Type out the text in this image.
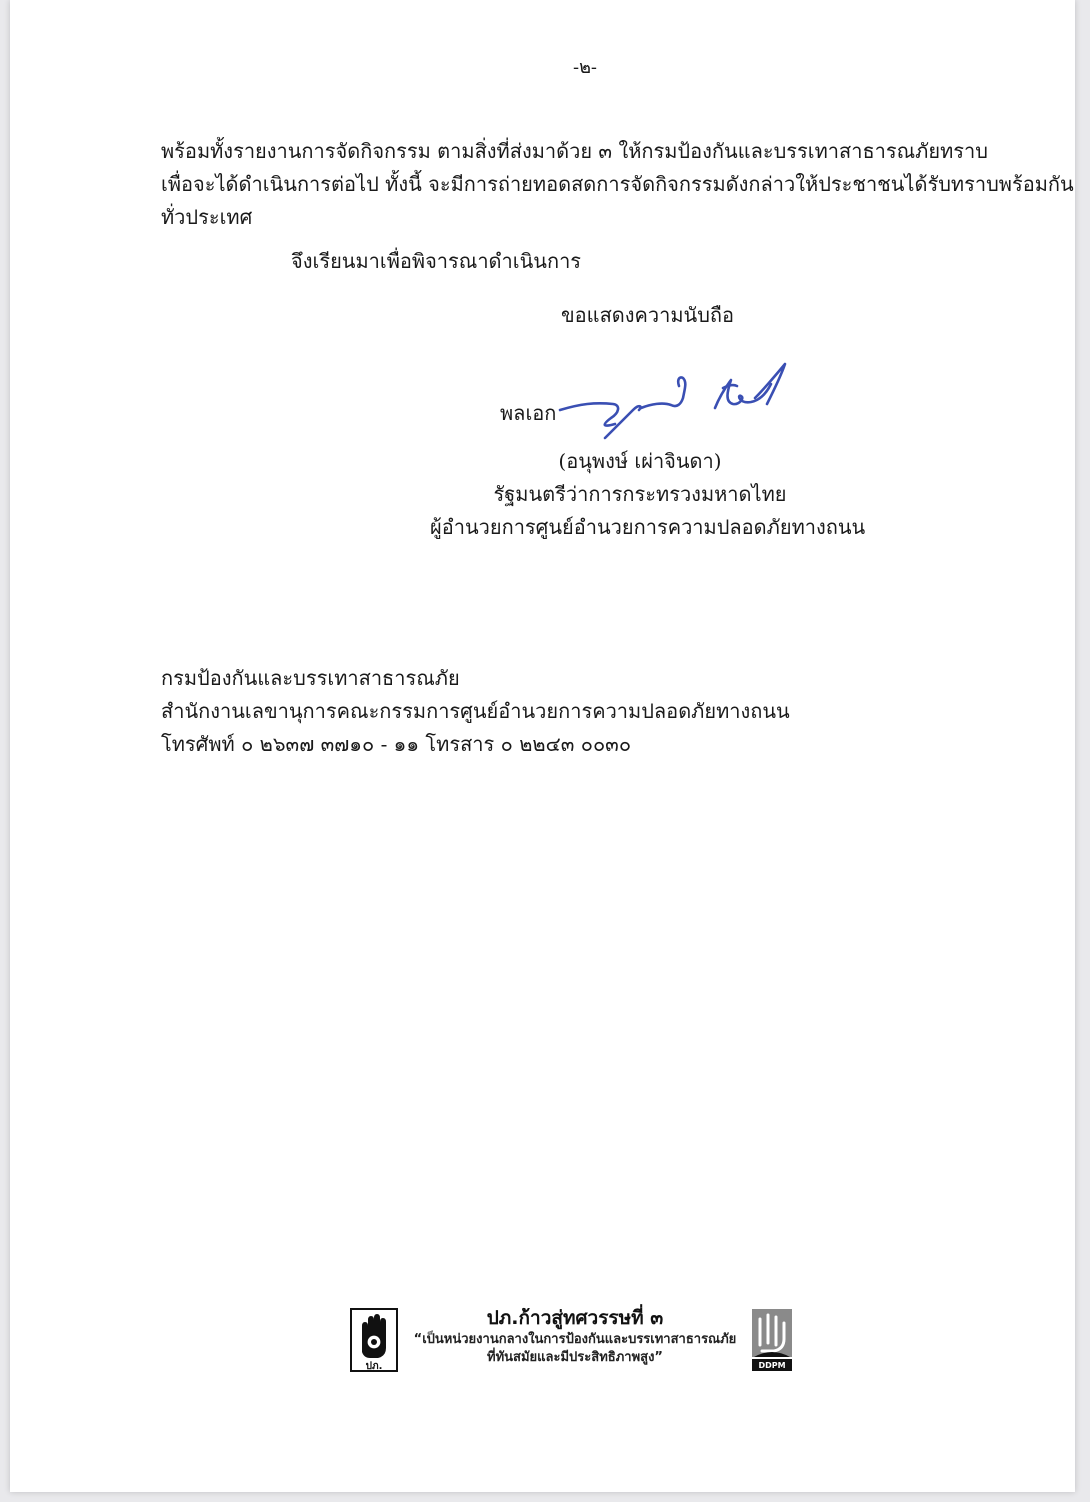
-๒-
พร้อมทั้งรายงานการจัดกิจกรรม ตามสิ่งที่ส่งมาด้วย ๓ ให้กรมป้องกันและบรรเทาสาธารณภัยทราบ
เพื่อจะได้ดำเนินการต่อไป ทั้งนี้ จะมีการถ่ายทอดสดการจัดกิจกรรมดังกล่าวให้ประชาชนได้รับทราบพร้อมกัน
ทั่วประเทศ
จึงเรียนมาเพื่อพิจารณาดำเนินการ
ขอแสดงความนับถือ
พลเอก
(อนุพงษ์ เผ่าจินดา)
รัฐมนตรีว่าการกระทรวงมหาดไทย
ผู้อำนวยการศูนย์อำนวยการความปลอดภัยทางถนน
กรมป้องกันและบรรเทาสาธารณภัย
สำนักงานเลขานุการคณะกรรมการศูนย์อำนวยการความปลอดภัยทางถนน
โทรศัพท์ ๐ ๒๖๓๗ ๓๗๑๐ - ๑๑ โทรสาร ๐ ๒๒๔๓ ๐๐๓๐
ปภ.
ปภ.ก้าวสู่ทศวรรษที่ ๓
“เป็นหน่วยงานกลางในการป้องกันและบรรเทาสาธารณภัย
ที่ทันสมัยและมีประสิทธิภาพสูง”
DDPM
